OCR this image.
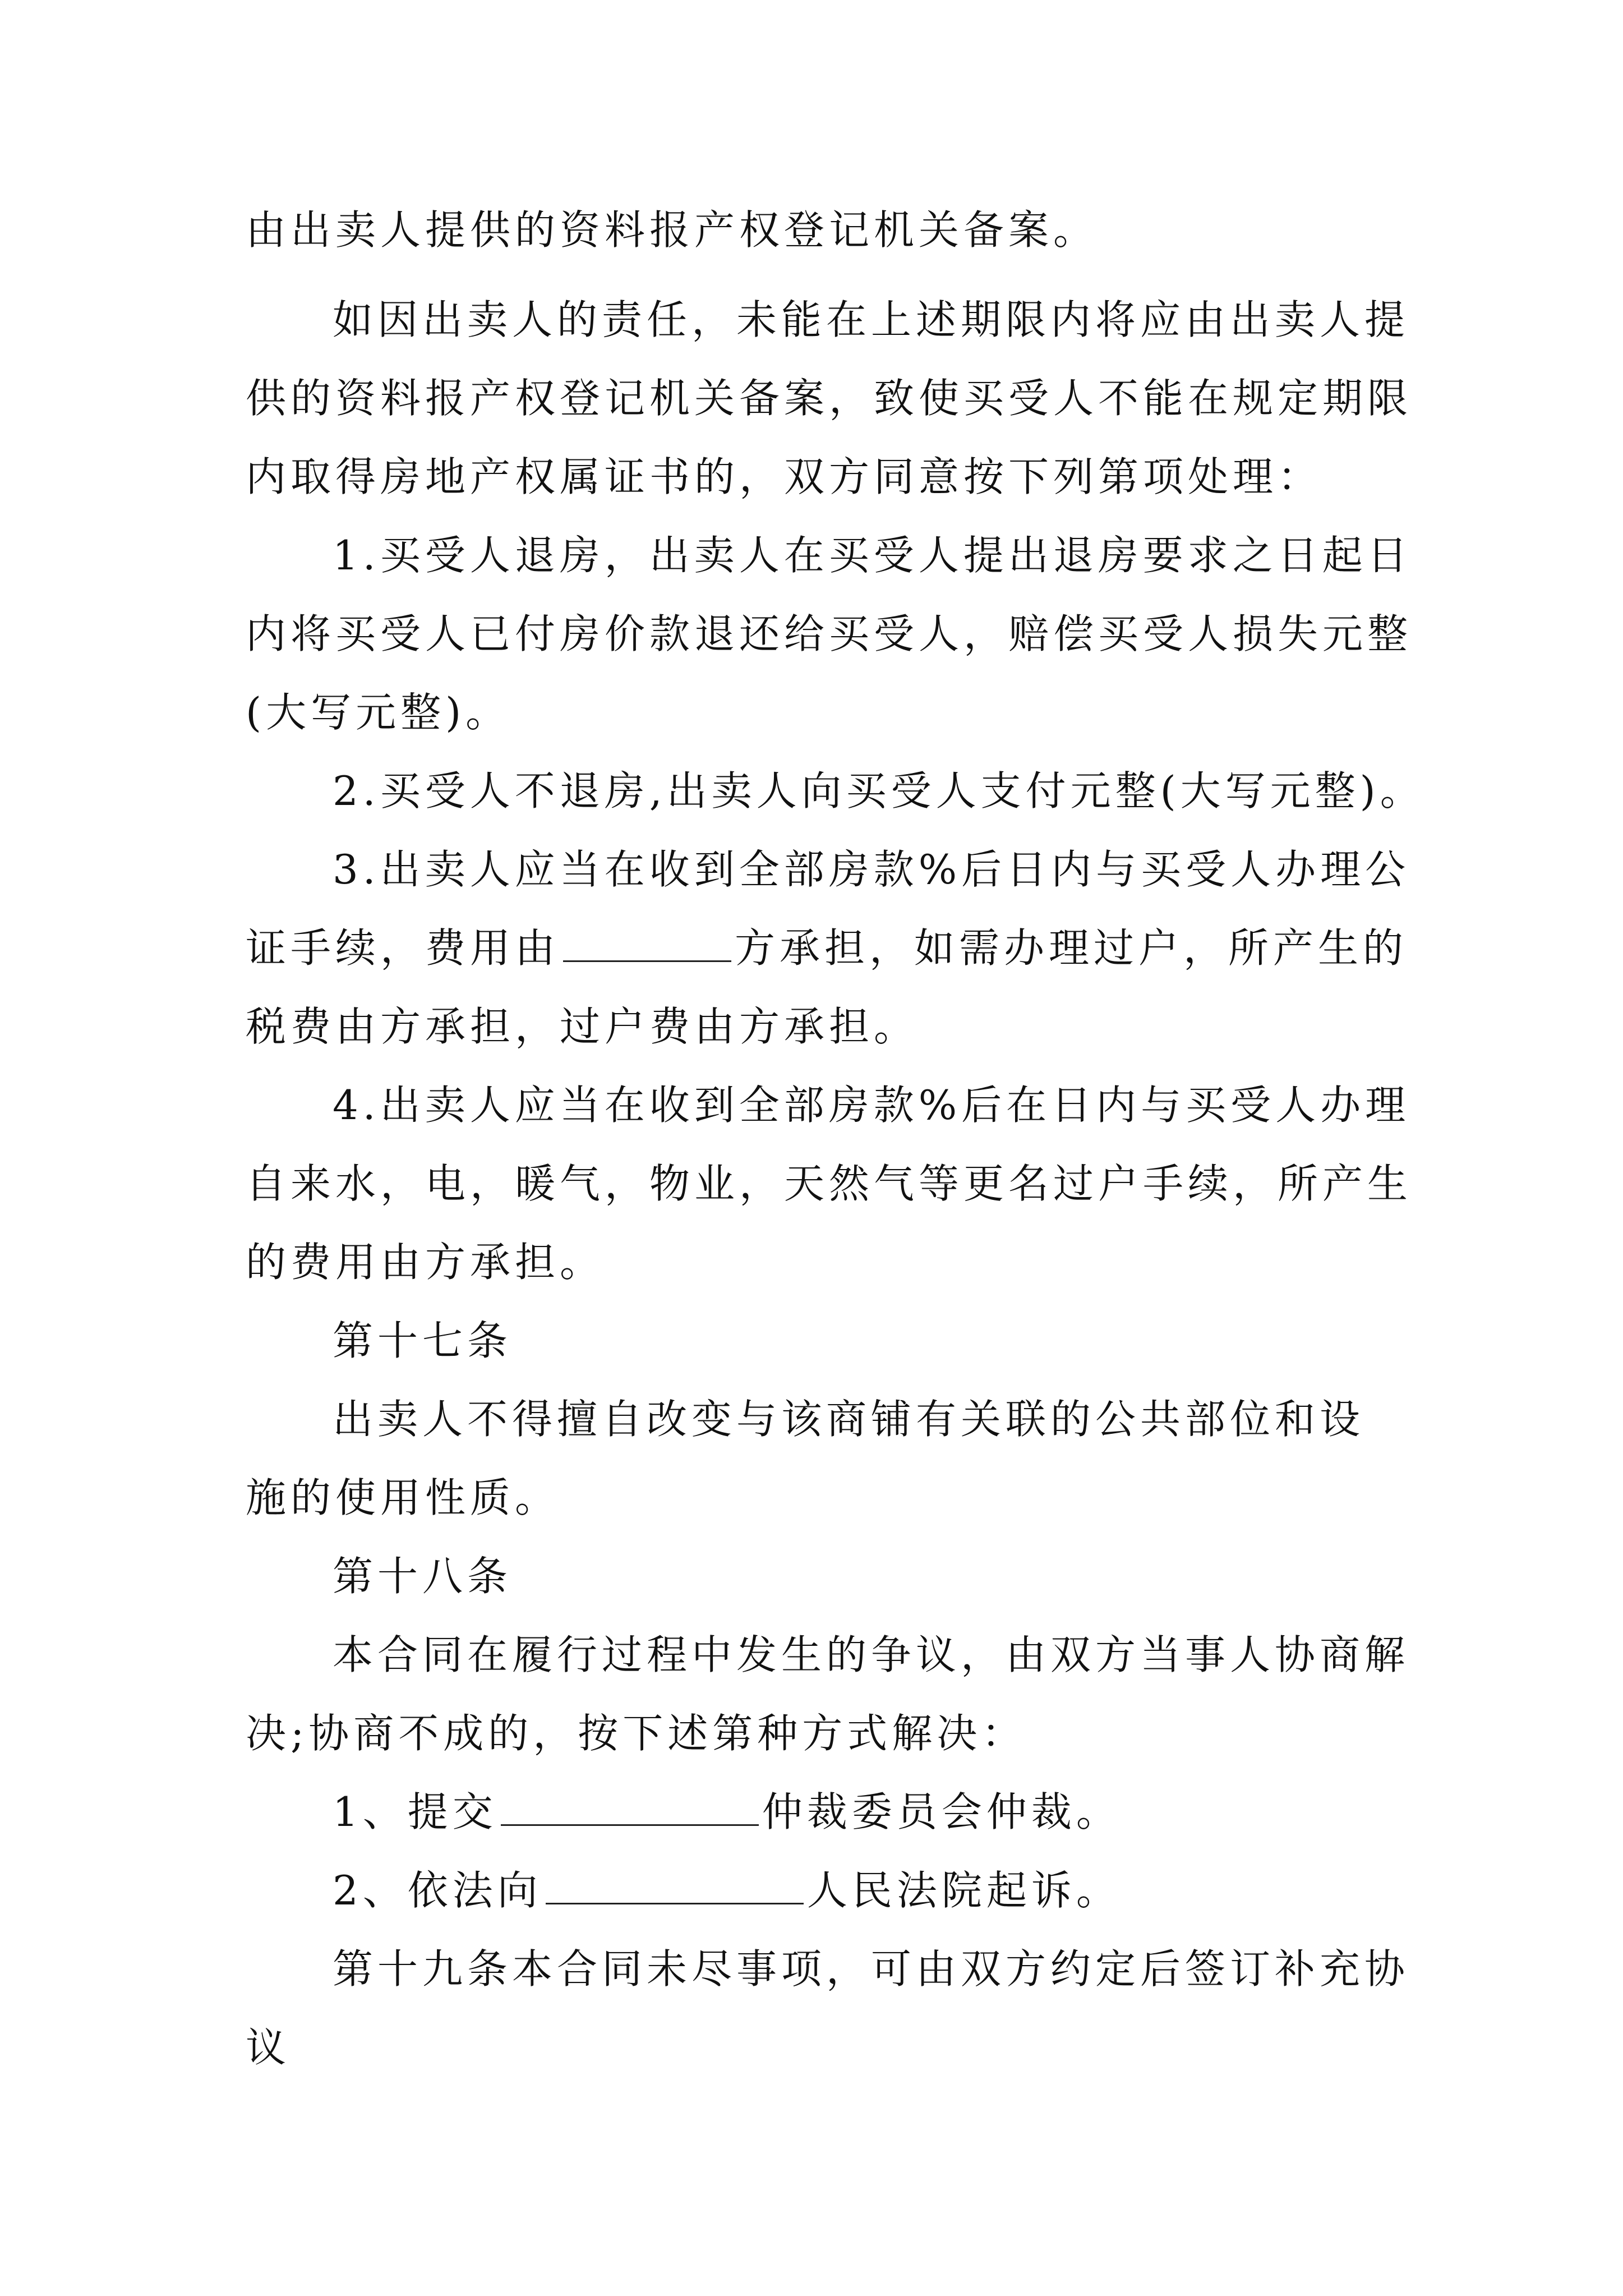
由出卖人提供的资料报产权登记机关备案。
如因出卖人的责任，未能在上述期限内将应由出卖人提
供的资料报产权登记机关备案，致使买受人不能在规定期限
内取得房地产权属证书的，双方同意按下列第项处理：
1.买受人退房，出卖人在买受人提出退房要求之日起日
内将买受人已付房价款退还给买受人，赔偿买受人损失元整
(大写元整)。
2.买受人不退房,出卖人向买受人支付元整(大写元整)。
3.出卖人应当在收到全部房款%后日内与买受人办理公
证手续，费用由	方承担，如需办理过户，所产生的
税费由方承担，过户费由方承担。
4.出卖人应当在收到全部房款%后在日内与买受人办理
自来水，电，暖气，物业，天然气等更名过户手续，所产生
的费用由方承担。
第十七条
出卖人不得擅自改变与该商铺有关联的公共部位和设
施的使用性质。
第十八条
本合同在履行过程中发生的争议，由双方当事人协商解
决;协商不成的，按下述第种方式解决：
1、提交	仲裁委员会仲裁。
2、依法向	人民法院起诉。
第十九条本合同未尽事项，可由双方约定后签订补充协
议
